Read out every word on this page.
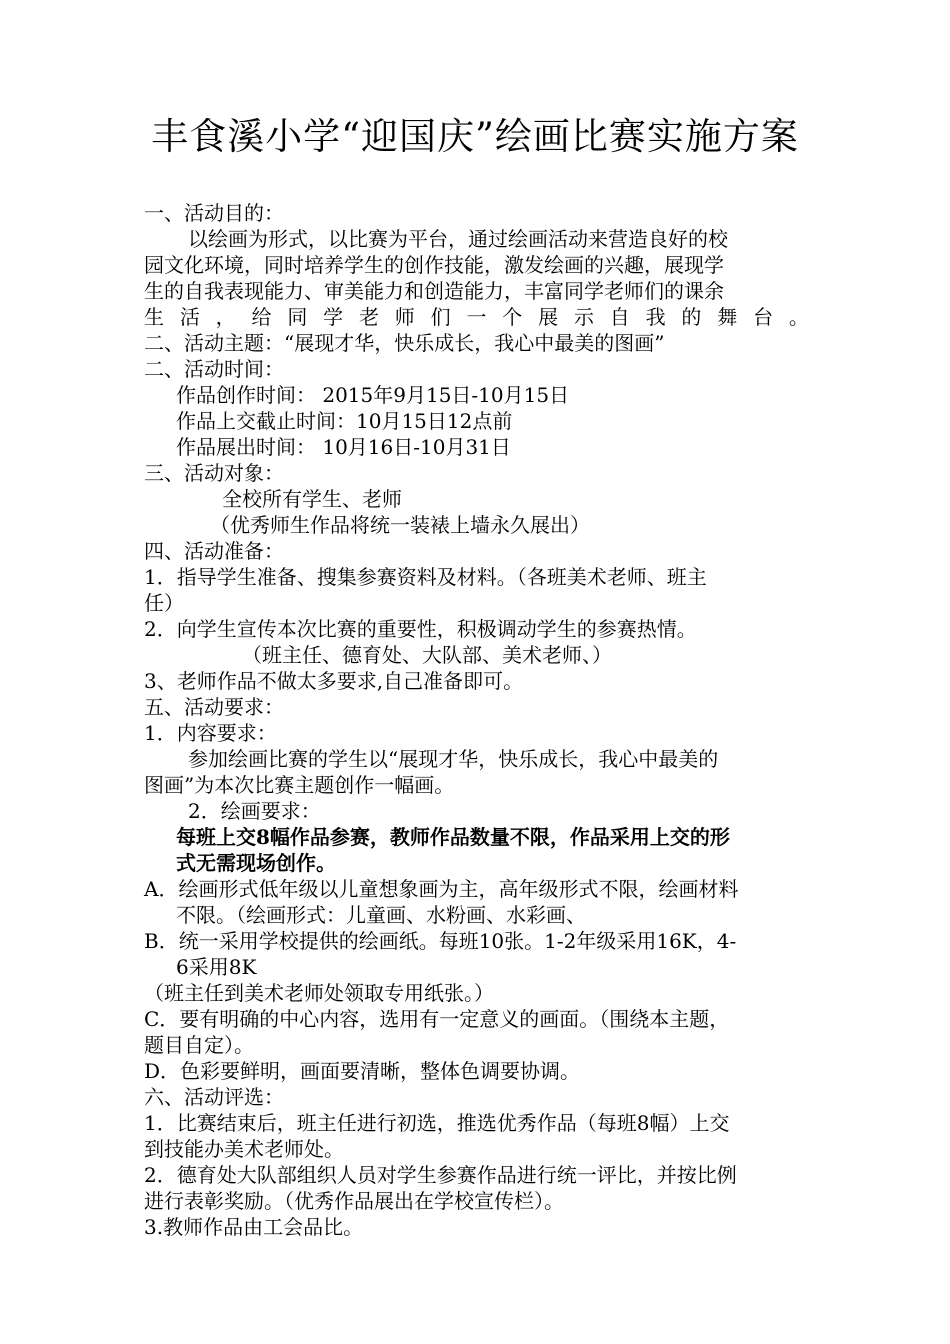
丰食溪小学“迎国庆”绘画比赛实施方案
一、活动目的：
以绘画为形式，以比赛为平台，通过绘画活动来营造良好的校
园文化环境，同时培养学生的创作技能，激发绘画的兴趣，展现学
生的自我表现能力、审美能力和创造能力，丰富同学老师们的课余
生 活 ， 给 同 学 老 师 们 一 个 展 示 自 我 的 舞 台 。
二、活动主题：“展现才华，快乐成长，我心中最美的图画”
二、活动时间：
作品创作时间： 2015年9月15日-10月15日
作品上交截止时间：10月15日12点前
作品展出时间： 10月16日-10月31日
三、活动对象：
全校所有学生、老师
（优秀师生作品将统一装裱上墙永久展出）
四、活动准备：
1．指导学生准备、搜集参赛资料及材料。（各班美术老师、班主
任）
2．向学生宣传本次比赛的重要性，积极调动学生的参赛热情。
（班主任、德育处、大队部、美术老师、）
3、老师作品不做太多要求,自己准备即可。
五、活动要求：
1．内容要求：
参加绘画比赛的学生以“展现才华，快乐成长，我心中最美的
图画”为本次比赛主题创作一幅画。
2．绘画要求：
每班上交8幅作品参赛，教师作品数量不限，作品采用上交的形
式无需现场创作。
A．绘画形式低年级以儿童想象画为主，高年级形式不限，绘画材料
不限。（绘画形式：儿童画、水粉画、水彩画、
B．统一采用学校提供的绘画纸。每班10张。1-2年级采用16K，4-
6采用8K
（班主任到美术老师处领取专用纸张。）
C．要有明确的中心内容，选用有一定意义的画面。（围绕本主题，
题目自定）。
D．色彩要鲜明，画面要清晰，整体色调要协调。
六、活动评选：
1．比赛结束后，班主任进行初选，推选优秀作品（每班8幅）上交
到技能办美术老师处。
2．德育处大队部组织人员对学生参赛作品进行统一评比，并按比例
进行表彰奖励。（优秀作品展出在学校宣传栏）。
3.教师作品由工会品比。
